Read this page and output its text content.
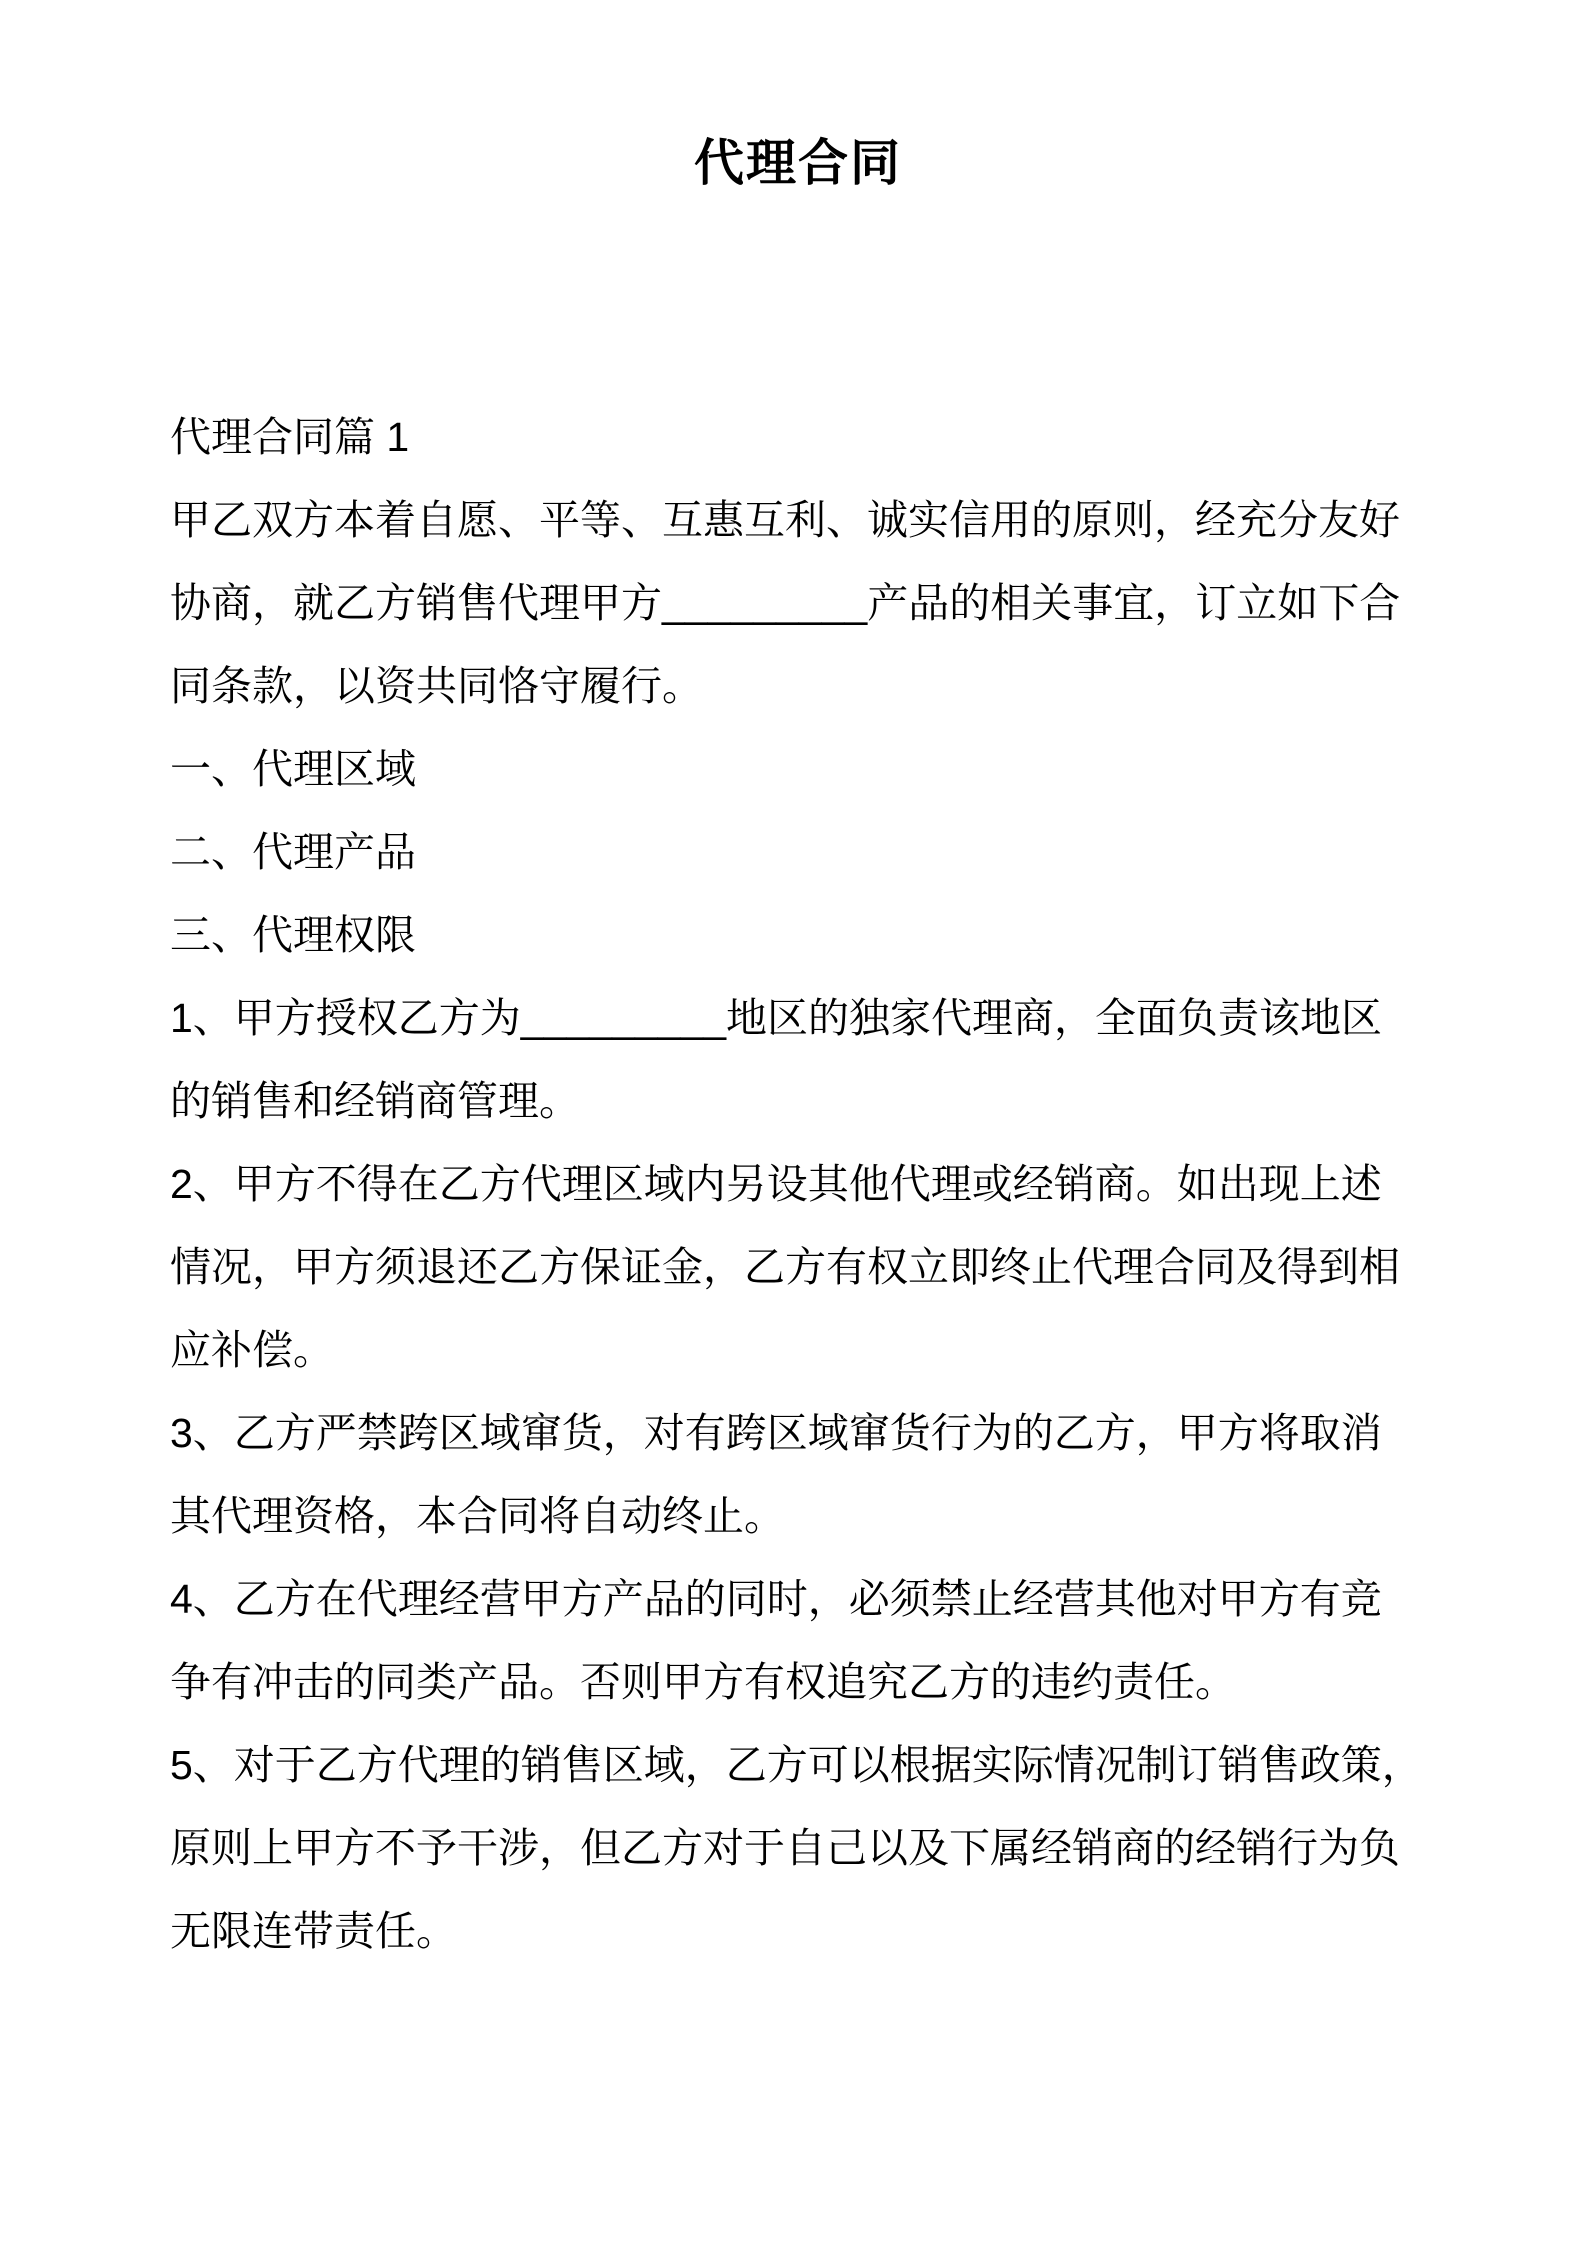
代理合同
代理合同篇 1
甲乙双方本着自愿、平等、互惠互利、诚实信用的原则，经充分友好
协商，就乙方销售代理甲方_________产品的相关事宜，订立如下合
同条款，以资共同恪守履行。
一、代理区域
二、代理产品
三、代理权限
1、甲方授权乙方为_________地区的独家代理商，全面负责该地区
的销售和经销商管理。
2、甲方不得在乙方代理区域内另设其他代理或经销商。如出现上述
情况，甲方须退还乙方保证金，乙方有权立即终止代理合同及得到相
应补偿。
3、乙方严禁跨区域窜货，对有跨区域窜货行为的乙方，甲方将取消
其代理资格，本合同将自动终止。
4、乙方在代理经营甲方产品的同时，必须禁止经营其他对甲方有竞
争有冲击的同类产品。否则甲方有权追究乙方的违约责任。
5、对于乙方代理的销售区域，乙方可以根据实际情况制订销售政策，
原则上甲方不予干涉，但乙方对于自己以及下属经销商的经销行为负
无限连带责任。
